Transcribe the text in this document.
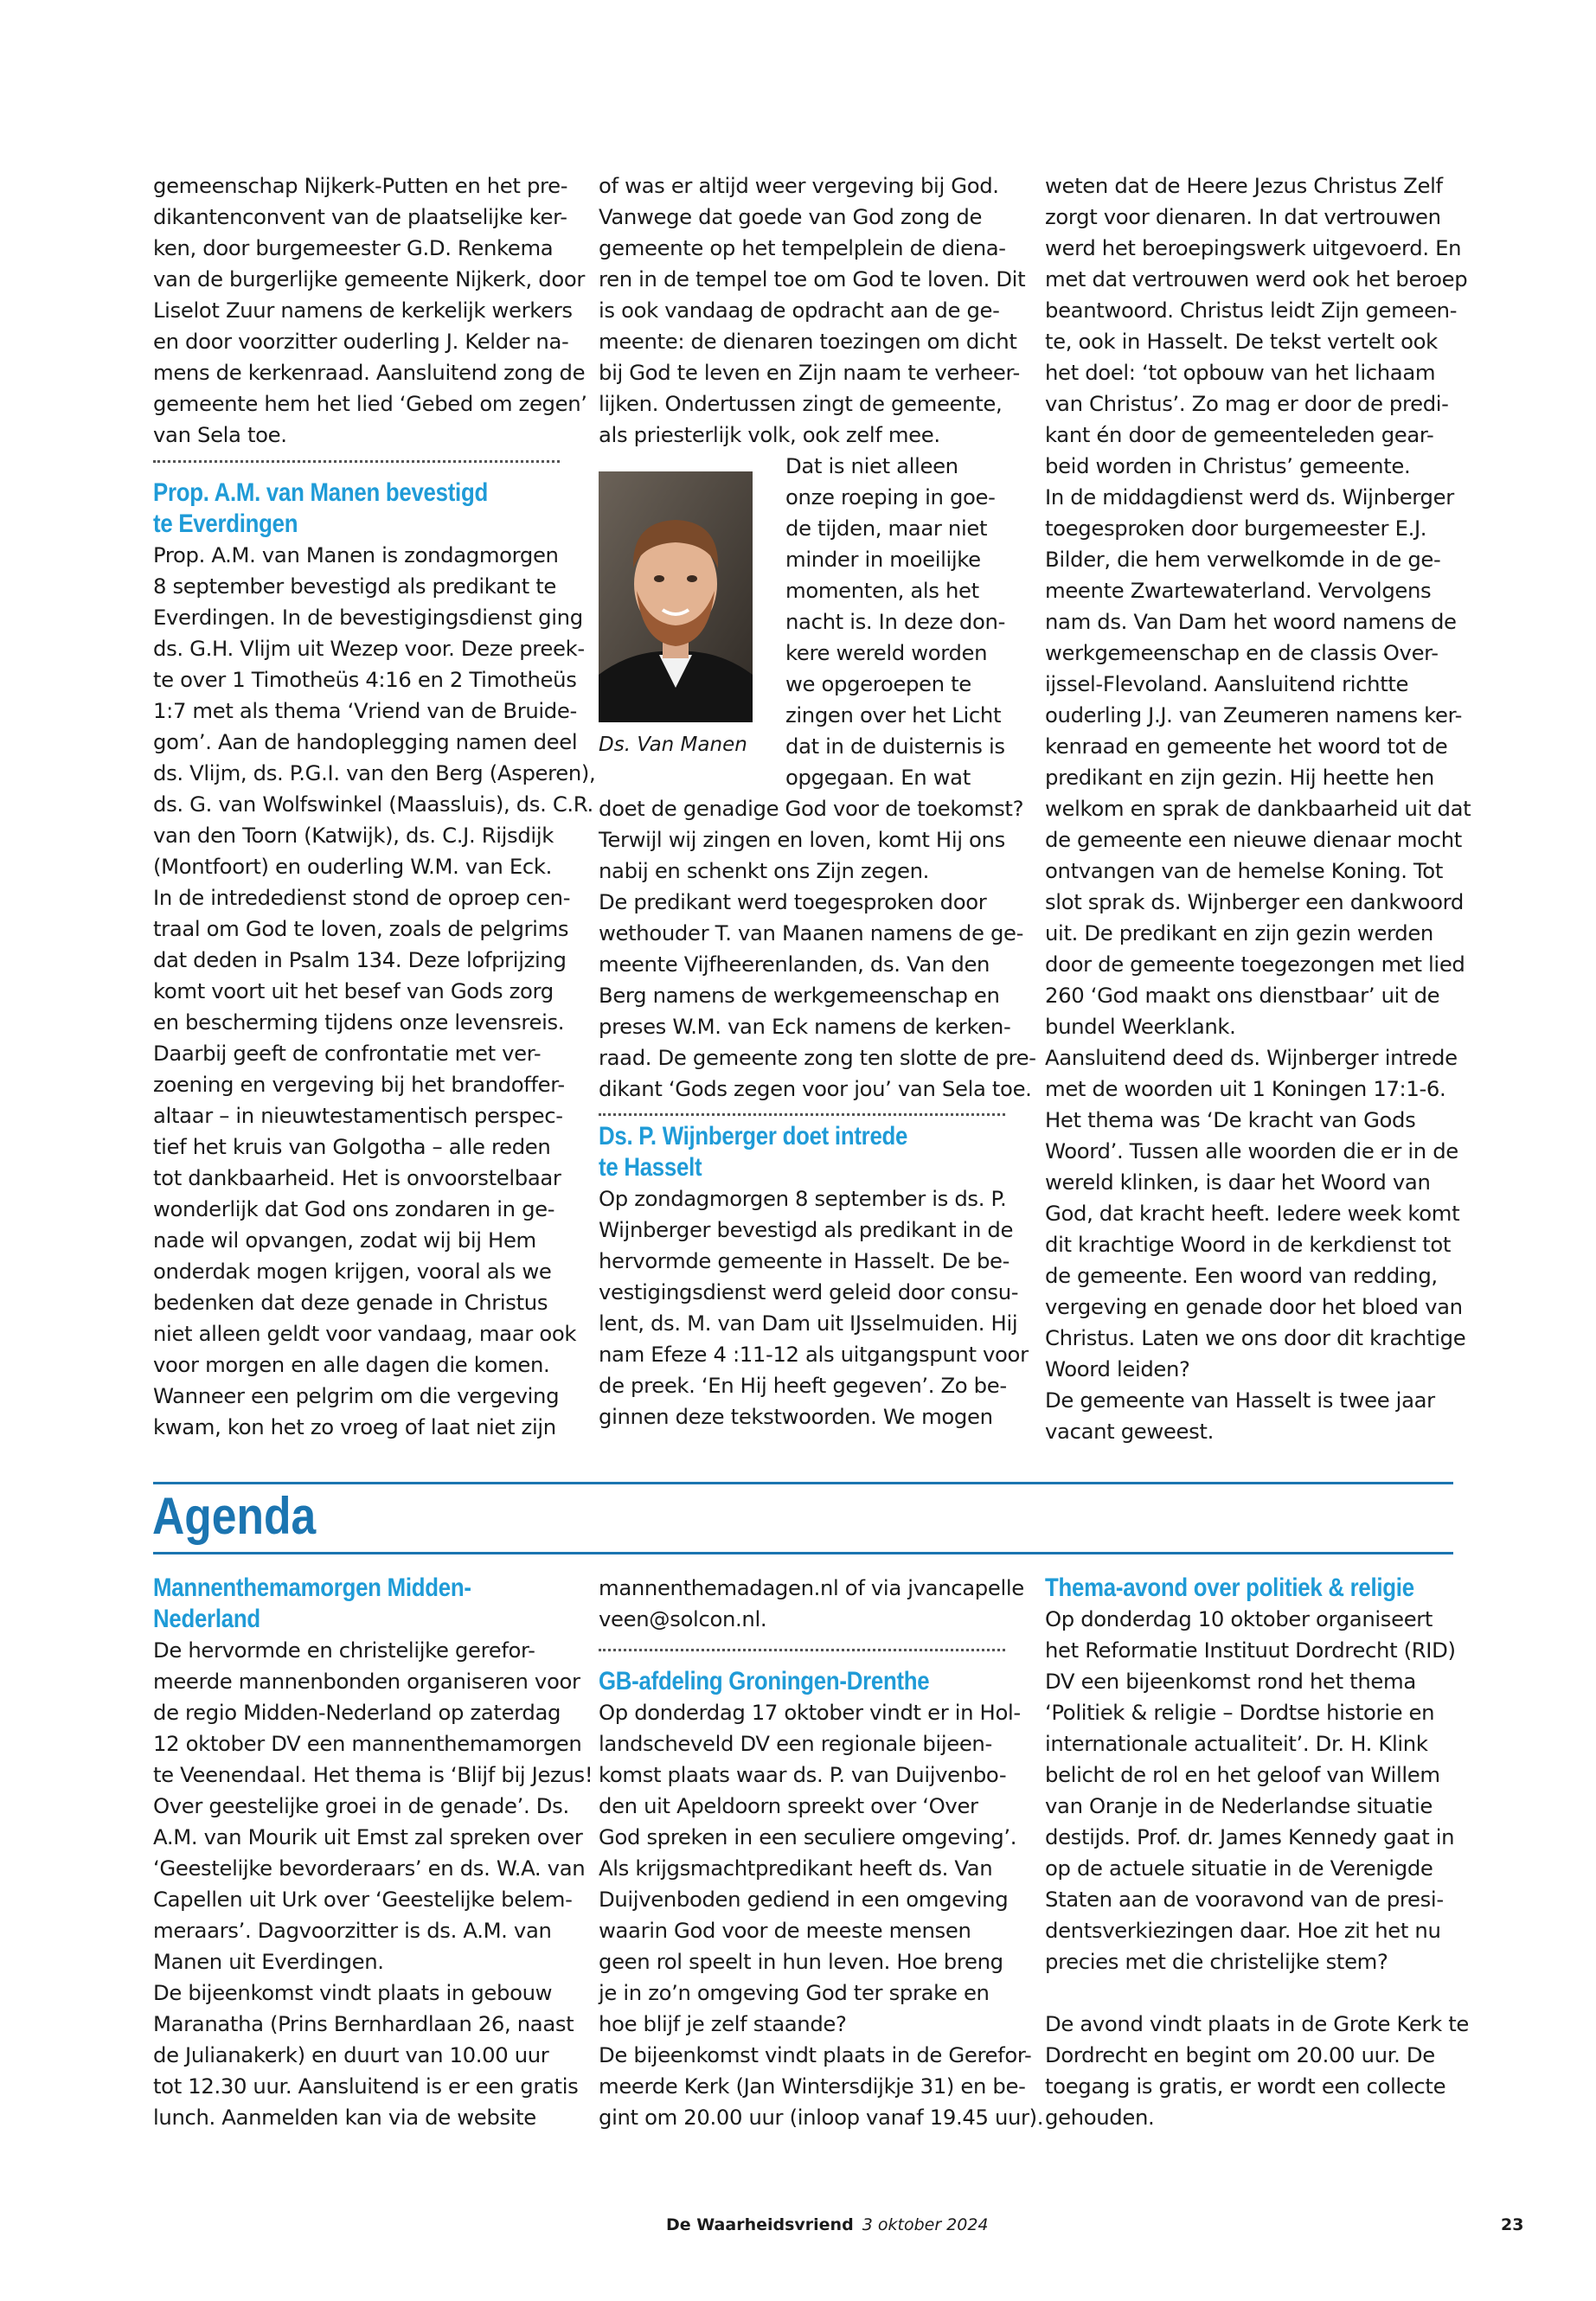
gemeenschap Nijkerk-Putten en het pre-
dikantenconvent van de plaatselijke ker-
ken, door burgemeester G.D. Renkema
van de burgerlijke gemeente Nijkerk, door
Liselot Zuur namens de kerkelijk werkers
en door voorzitter ouderling J. Kelder na-
mens de kerkenraad. Aansluitend zong de
gemeente hem het lied ‘Gebed om zegen’
van Sela toe.
Prop. A.M. van Manen bevestigd
te Everdingen
Prop. A.M. van Manen is zondagmorgen
8 september bevestigd als predikant te
Everdingen. In de bevestigingsdienst ging
ds. G.H. Vlijm uit Wezep voor. Deze preek-
te over 1 Timotheüs 4:16 en 2 Timotheüs
1:7 met als thema ‘Vriend van de Bruide-
gom’. Aan de handoplegging namen deel
ds. Vlijm, ds. P.G.I. van den Berg (Asperen),
ds. G. van Wolfswinkel (Maassluis), ds. C.R.
van den Toorn (Katwijk), ds. C.J. Rijsdijk
(Montfoort) en ouderling W.M. van Eck.
In de intrededienst stond de oproep cen-
traal om God te loven, zoals de pelgrims
dat deden in Psalm 134. Deze lofprijzing
komt voort uit het besef van Gods zorg
en bescherming tijdens onze levensreis.
Daarbij geeft de confrontatie met ver-
zoening en vergeving bij het brandoffer-
altaar – in nieuwtestamentisch perspec-
tief het kruis van Golgotha – alle reden
tot dankbaarheid. Het is onvoorstelbaar
wonderlijk dat God ons zondaren in ge-
nade wil opvangen, zodat wij bij Hem
onderdak mogen krijgen, vooral als we
bedenken dat deze genade in Christus
niet alleen geldt voor vandaag, maar ook
voor morgen en alle dagen die komen.
Wanneer een pelgrim om die vergeving
kwam, kon het zo vroeg of laat niet zijn
of was er altijd weer vergeving bij God.
Vanwege dat goede van God zong de
gemeente op het tempelplein de diena-
ren in de tempel toe om God te loven. Dit
is ook vandaag de opdracht aan de ge-
meente: de dienaren toezingen om dicht
bij God te leven en Zijn naam te verheer-
lijken. Ondertussen zingt de gemeente,
als priesterlijk volk, ook zelf mee.
Ds. Van Manen
Dat is niet alleen
onze roeping in goe-
de tijden, maar niet
minder in moeilijke
momenten, als het
nacht is. In deze don-
kere wereld worden
we opgeroepen te
zingen over het Licht
dat in de duisternis is
opgegaan. En wat
doet de genadige God voor de toekomst?
Terwijl wij zingen en loven, komt Hij ons
nabij en schenkt ons Zijn zegen.
De predikant werd toegesproken door
wethouder T. van Maanen namens de ge-
meente Vijfheerenlanden, ds. Van den
Berg namens de werkgemeenschap en
preses W.M. van Eck namens de kerken-
raad. De gemeente zong ten slotte de pre-
dikant ‘Gods zegen voor jou’ van Sela toe.
Ds. P. Wijnberger doet intrede
te Hasselt
Op zondagmorgen 8 september is ds. P.
Wijnberger bevestigd als predikant in de
hervormde gemeente in Hasselt. De be-
vestigingsdienst werd geleid door consu-
lent, ds. M. van Dam uit IJsselmuiden. Hij
nam Efeze 4 :11-12 als uitgangspunt voor
de preek. ‘En Hij heeft gegeven’. Zo be-
ginnen deze tekstwoorden. We mogen
weten dat de Heere Jezus Christus Zelf
zorgt voor dienaren. In dat vertrouwen
werd het beroepingswerk uitgevoerd. En
met dat vertrouwen werd ook het beroep
beantwoord. Christus leidt Zijn gemeen-
te, ook in Hasselt. De tekst vertelt ook
het doel: ‘tot opbouw van het lichaam
van Christus’. Zo mag er door de predi-
kant én door de gemeenteleden gear-
beid worden in Christus’ gemeente.
In de middagdienst werd ds. Wijnberger
toegesproken door burgemeester E.J.
Bilder, die hem verwelkomde in de ge-
meente Zwartewaterland. Vervolgens
nam ds. Van Dam het woord namens de
werkgemeenschap en de classis Over-
ijssel-Flevoland. Aansluitend richtte
ouderling J.J. van Zeumeren namens ker-
kenraad en gemeente het woord tot de
predikant en zijn gezin. Hij heette hen
welkom en sprak de dankbaarheid uit dat
de gemeente een nieuwe dienaar mocht
ontvangen van de hemelse Koning. Tot
slot sprak ds. Wijnberger een dankwoord
uit. De predikant en zijn gezin werden
door de gemeente toegezongen met lied
260 ‘God maakt ons dienstbaar’ uit de
bundel Weerklank.
Aansluitend deed ds. Wijnberger intrede
met de woorden uit 1 Koningen 17:1-6.
Het thema was ‘De kracht van Gods
Woord’. Tussen alle woorden die er in de
wereld klinken, is daar het Woord van
God, dat kracht heeft. Iedere week komt
dit krachtige Woord in de kerkdienst tot
de gemeente. Een woord van redding,
vergeving en genade door het bloed van
Christus. Laten we ons door dit krachtige
Woord leiden?
De gemeente van Hasselt is twee jaar
vacant geweest.
Agenda
Mannenthemamorgen Midden-
Nederland
De hervormde en christelijke gerefor-
meerde mannenbonden organiseren voor
de regio Midden-Nederland op zaterdag
12 oktober DV een mannenthemamorgen
te Veenendaal. Het thema is ‘Blijf bij Jezus!
Over geestelijke groei in de genade’. Ds.
A.M. van Mourik uit Emst zal spreken over
‘Geestelijke bevorderaars’ en ds. W.A. van
Capellen uit Urk over ‘Geestelijke belem-
meraars’. Dagvoorzitter is ds. A.M. van
Manen uit Everdingen.
De bijeenkomst vindt plaats in gebouw
Maranatha (Prins Bernhardlaan 26, naast
de Julianakerk) en duurt van 10.00 uur
tot 12.30 uur. Aansluitend is er een gratis
lunch. Aanmelden kan via de website
mannenthemadagen.nl of via jvancapelle
veen@solcon.nl.
GB-afdeling Groningen-Drenthe
Op donderdag 17 oktober vindt er in Hol-
landscheveld DV een regionale bijeen-
komst plaats waar ds. P. van Duijvenbo-
den uit Apeldoorn spreekt over ‘Over
God spreken in een seculiere omgeving’.
Als krijgsmachtpredikant heeft ds. Van
Duijvenboden gediend in een omgeving
waarin God voor de meeste mensen
geen rol speelt in hun leven. Hoe breng
je in zo’n omgeving God ter sprake en
hoe blijf je zelf staande?
De bijeenkomst vindt plaats in de Gerefor-
meerde Kerk (Jan Wintersdijkje 31) en be-
gint om 20.00 uur (inloop vanaf 19.45 uur).
Thema-avond over politiek & religie
Op donderdag 10 oktober organiseert
het Reformatie Instituut Dordrecht (RID)
DV een bijeenkomst rond het thema
‘Politiek & religie – Dordtse historie en
internationale actualiteit’. Dr. H. Klink
belicht de rol en het geloof van Willem
van Oranje in de Nederlandse situatie
destijds. Prof. dr. James Kennedy gaat in
op de actuele situatie in de Verenigde
Staten aan de vooravond van de presi-
dentsverkiezingen daar. Hoe zit het nu
precies met die christelijke stem?
De avond vindt plaats in de Grote Kerk te
Dordrecht en begint om 20.00 uur. De
toegang is gratis, er wordt een collecte
gehouden.
De Waarheidsvriend 3 oktober 2024	23
